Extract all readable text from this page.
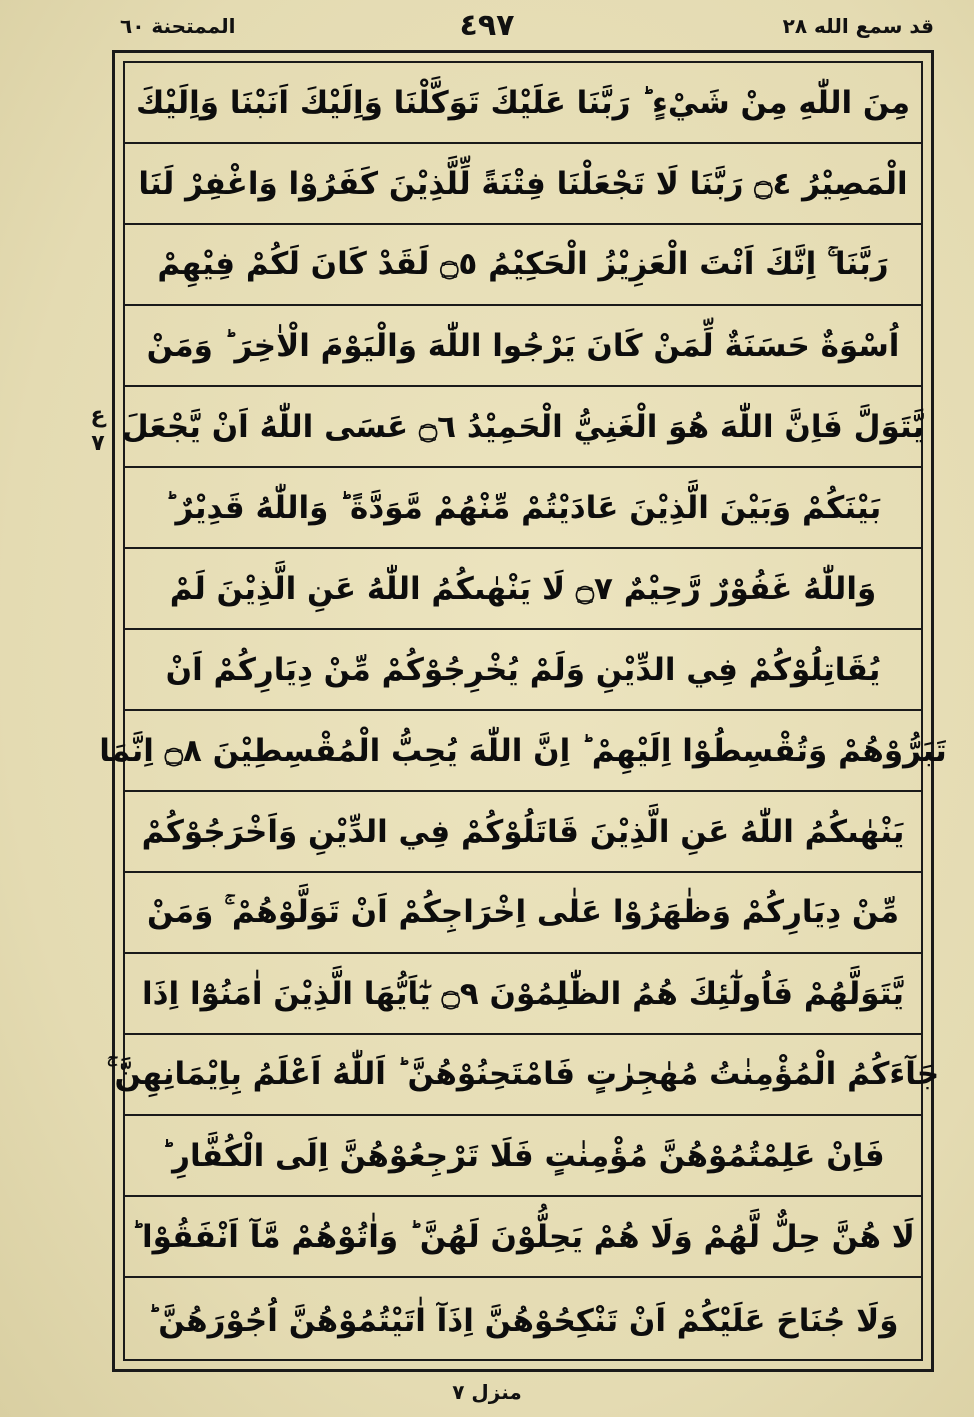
الممتحنة ٦٠	٤٩٧	قد سمع الله ٢٨
ع
٧
مِنَ اللّٰهِ مِنْ شَيْءٍ ؕ رَبَّنَا عَلَيْكَ تَوَكَّلْنَا وَاِلَيْكَ اَنَبْنَا وَاِلَيْكَ
الْمَصِيْرُ ۝٤ رَبَّنَا لَا تَجْعَلْنَا فِتْنَةً لِّلَّذِيْنَ كَفَرُوْا وَاغْفِرْ لَنَا
رَبَّنَا ۚ اِنَّكَ اَنْتَ الْعَزِيْزُ الْحَكِيْمُ ۝٥ لَقَدْ كَانَ لَكُمْ فِيْهِمْ
اُسْوَةٌ حَسَنَةٌ لِّمَنْ كَانَ يَرْجُوا اللّٰهَ وَالْيَوْمَ الْاٰخِرَ ؕ وَمَنْ
يَّتَوَلَّ فَاِنَّ اللّٰهَ هُوَ الْغَنِيُّ الْحَمِيْدُ ۝٦ عَسَى اللّٰهُ اَنْ يَّجْعَلَ
بَيْنَكُمْ وَبَيْنَ الَّذِيْنَ عَادَيْتُمْ مِّنْهُمْ مَّوَدَّةً ؕ وَاللّٰهُ قَدِيْرٌ ؕ
وَاللّٰهُ غَفُوْرٌ رَّحِيْمٌ ۝٧ لَا يَنْهٰىكُمُ اللّٰهُ عَنِ الَّذِيْنَ لَمْ
يُقَاتِلُوْكُمْ فِي الدِّيْنِ وَلَمْ يُخْرِجُوْكُمْ مِّنْ دِيَارِكُمْ اَنْ
تَبَرُّوْهُمْ وَتُقْسِطُوْا اِلَيْهِمْ ؕ اِنَّ اللّٰهَ يُحِبُّ الْمُقْسِطِيْنَ ۝٨ اِنَّمَا
يَنْهٰىكُمُ اللّٰهُ عَنِ الَّذِيْنَ قَاتَلُوْكُمْ فِي الدِّيْنِ وَاَخْرَجُوْكُمْ
مِّنْ دِيَارِكُمْ وَظٰهَرُوْا عَلٰى اِخْرَاجِكُمْ اَنْ تَوَلَّوْهُمْ ۚ وَمَنْ
يَّتَوَلَّهُمْ فَاُولٰٓئِكَ هُمُ الظّٰلِمُوْنَ ۝٩ يٰٓاَيُّهَا الَّذِيْنَ اٰمَنُوْٓا اِذَا
جَآءَكُمُ الْمُؤْمِنٰتُ مُهٰجِرٰتٍ فَامْتَحِنُوْهُنَّ ؕ اَللّٰهُ اَعْلَمُ بِاِيْمَانِهِنَّ ۚ
فَاِنْ عَلِمْتُمُوْهُنَّ مُؤْمِنٰتٍ فَلَا تَرْجِعُوْهُنَّ اِلَى الْكُفَّارِ ؕ
لَا هُنَّ حِلٌّ لَّهُمْ وَلَا هُمْ يَحِلُّوْنَ لَهُنَّ ؕ وَاٰتُوْهُمْ مَّآ اَنْفَقُوْا ؕ
وَلَا جُنَاحَ عَلَيْكُمْ اَنْ تَنْكِحُوْهُنَّ اِذَآ اٰتَيْتُمُوْهُنَّ اُجُوْرَهُنَّ ؕ
منزل ٧
